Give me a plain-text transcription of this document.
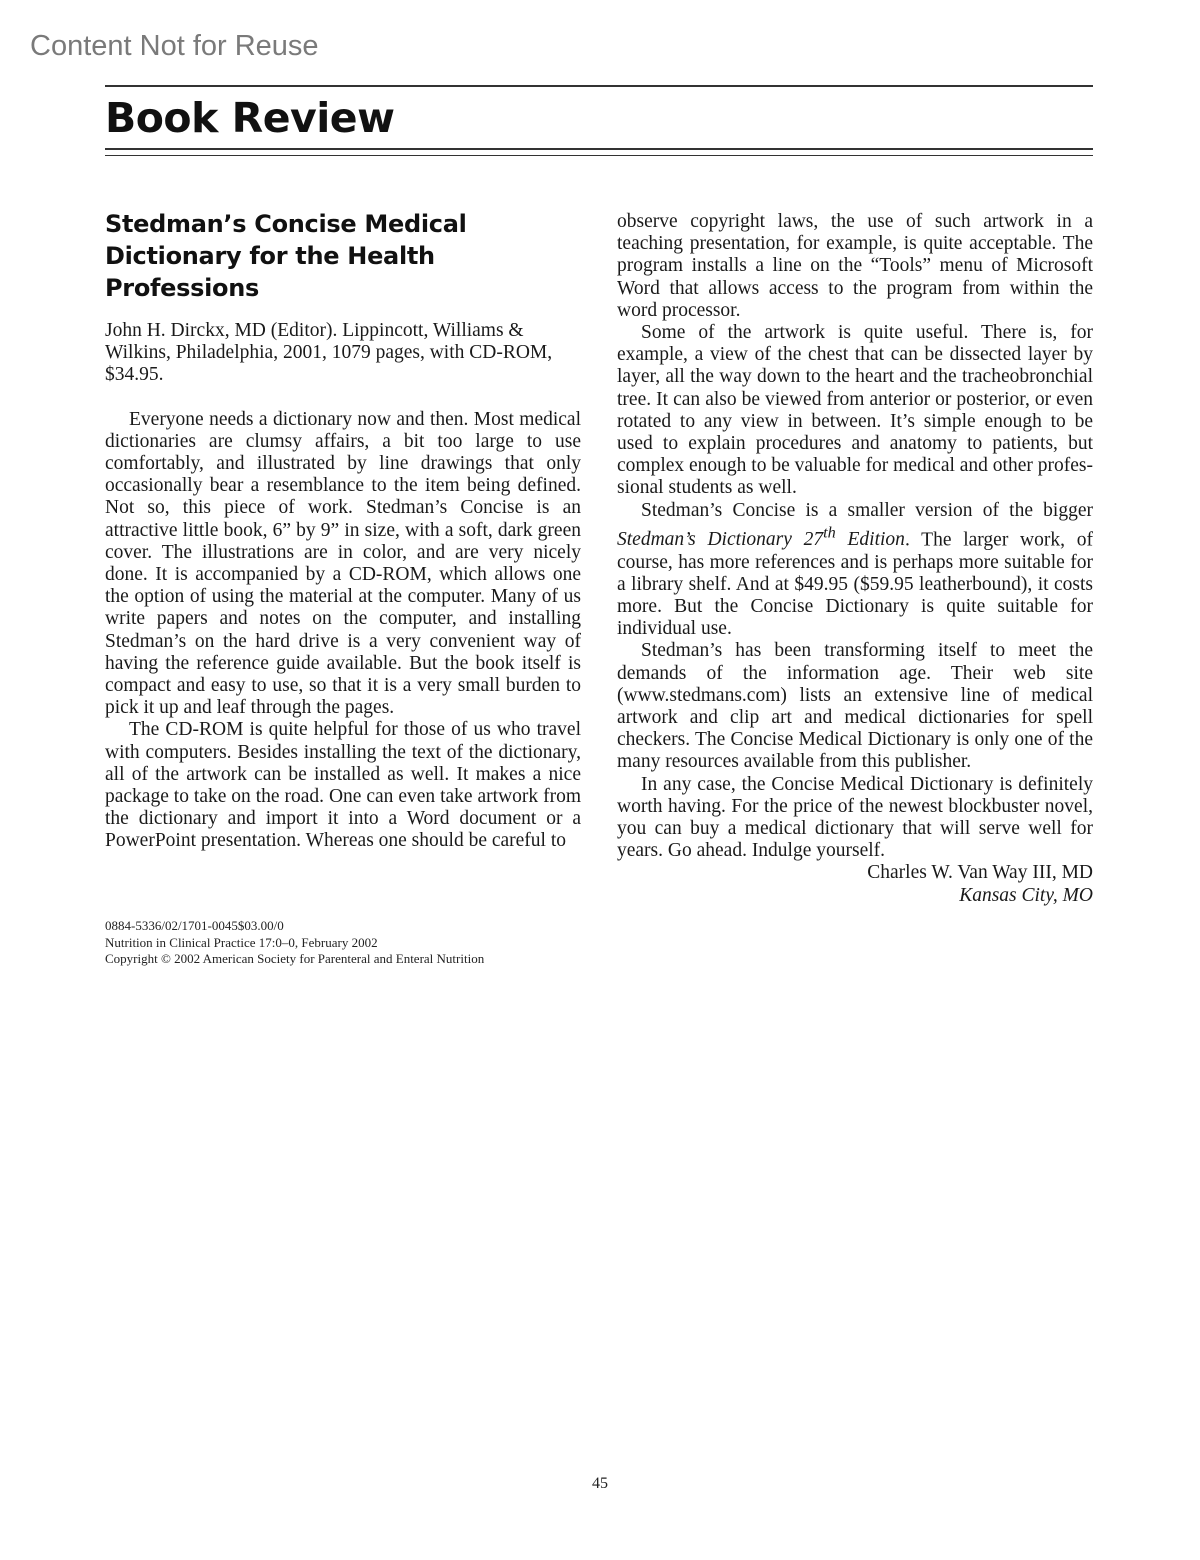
Content Not for Reuse
Book Review
Stedman’s Concise Medical Dictionary for the Health Professions

John H. Dirckx, MD (Editor). Lippincott, Williams & Wilkins, Philadelphia, 2001, 1079 pages, with CD-ROM, $34.95.

Everyone needs a dictionary now and then. Most medical dictionaries are clumsy affairs, a bit too large to use comfortably, and illustrated by line drawings that only occasionally bear a resemblance to the item being defined. Not so, this piece of work. Stedman’s Concise is an attractive little book, 6” by 9” in size, with a soft, dark green cover. The illustrations are in color, and are very nicely done. It is accompanied by a CD-ROM, which allows one the option of using the material at the computer. Many of us write papers and notes on the computer, and installing Stedman’s on the hard drive is a very convenient way of having the reference guide available. But the book itself is compact and easy to use, so that it is a very small burden to pick it up and leaf through the pages.

The CD-ROM is quite helpful for those of us who travel with computers. Besides installing the text of the dictionary, all of the artwork can be installed as well. It makes a nice package to take on the road. One can even take artwork from the dictionary and import it into a Word document or a PowerPoint presentation. Whereas one should be careful to

0884-5336/02/1701-0045$03.00/0
Nutrition in Clinical Practice 17:0–0, February 2002
Copyright © 2002 American Society for Parenteral and Enteral Nutrition

observe copyright laws, the use of such artwork in a teaching presentation, for example, is quite acceptable. The program installs a line on the “Tools” menu of Microsoft Word that allows access to the program from within the word processor.

Some of the artwork is quite useful. There is, for example, a view of the chest that can be dissected layer by layer, all the way down to the heart and the tracheobronchial tree. It can also be viewed from anterior or posterior, or even rotated to any view in between. It’s simple enough to be used to explain procedures and anatomy to patients, but complex enough to be valuable for medical and other professional students as well.

Stedman’s Concise is a smaller version of the bigger Stedman’s Dictionary 27th Edition. The larger work, of course, has more references and is perhaps more suitable for a library shelf. And at $49.95 ($59.95 leatherbound), it costs more. But the Concise Dictionary is quite suitable for individual use.

Stedman’s has been transforming itself to meet the demands of the information age. Their web site (www.stedmans.com) lists an extensive line of medical artwork and clip art and medical dictionaries for spell checkers. The Concise Medical Dictionary is only one of the many resources available from this publisher.

In any case, the Concise Medical Dictionary is definitely worth having. For the price of the newest blockbuster novel, you can buy a medical dictionary that will serve well for years. Go ahead. Indulge yourself.

Charles W. Van Way III, MD

Kansas City, MO

45
